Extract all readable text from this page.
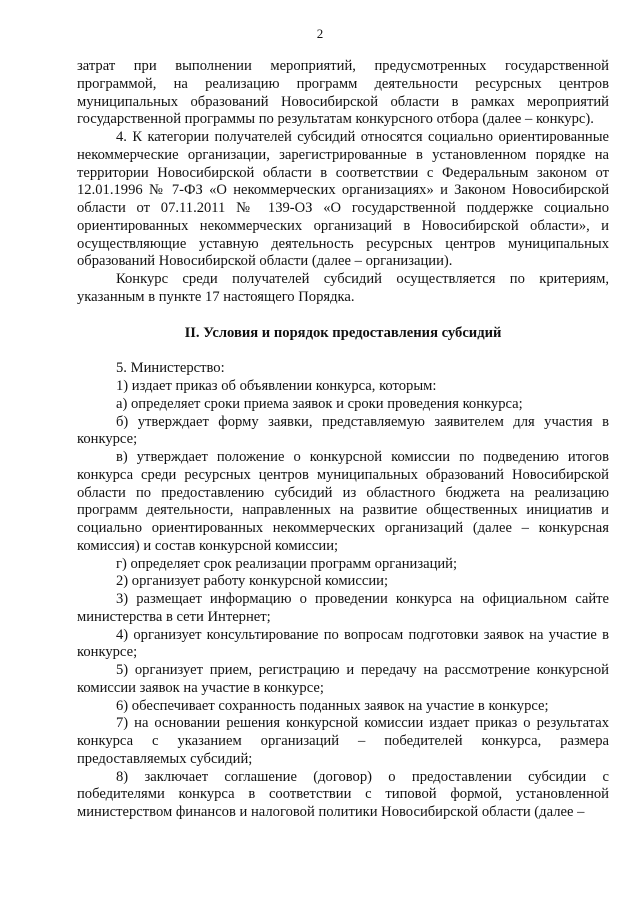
2

затрат при выполнении мероприятий, предусмотренных государственной программой, на реализацию программ деятельности ресурсных центров муниципальных образований Новосибирской области в рамках мероприятий государственной программы по результатам конкурсного отбора (далее – конкурс).

4. К категории получателей субсидий относятся социально ориентированные некоммерческие организации, зарегистрированные в установленном порядке на территории Новосибирской области в соответствии с Федеральным законом от 12.01.1996 № 7-ФЗ «О некоммерческих организациях» и Законом Новосибирской области от 07.11.2011 № 139-ОЗ «О государственной поддержке социально ориентированных некоммерческих организаций в Новосибирской области», и осуществляющие уставную деятельность ресурсных центров муниципальных образований Новосибирской области (далее – организации).

Конкурс среди получателей субсидий осуществляется по критериям, указанным в пункте 17 настоящего Порядка.

II. Условия и порядок предоставления субсидий

5. Министерство:

1) издает приказ об объявлении конкурса, которым:

а) определяет сроки приема заявок и сроки проведения конкурса;

б) утверждает форму заявки, представляемую заявителем для участия в конкурсе;

в) утверждает положение о конкурсной комиссии по подведению итогов конкурса среди ресурсных центров муниципальных образований Новосибирской области по предоставлению субсидий из областного бюджета на реализацию программ деятельности, направленных на развитие общественных инициатив и социально ориентированных некоммерческих организаций (далее – конкурсная комиссия) и состав конкурсной комиссии;

г) определяет срок реализации программ организаций;

2) организует работу конкурсной комиссии;

3) размещает информацию о проведении конкурса на официальном сайте министерства в сети Интернет;

4) организует консультирование по вопросам подготовки заявок на участие в конкурсе;

5) организует прием, регистрацию и передачу на рассмотрение конкурсной комиссии заявок на участие в конкурсе;

6) обеспечивает сохранность поданных заявок на участие в конкурсе;

7) на основании решения конкурсной комиссии издает приказ о результатах конкурса с указанием организаций – победителей конкурса, размера предоставляемых субсидий;

8) заключает соглашение (договор) о предоставлении субсидии с победителями конкурса в соответствии с типовой формой, установленной министерством финансов и налоговой политики Новосибирской области (далее –
